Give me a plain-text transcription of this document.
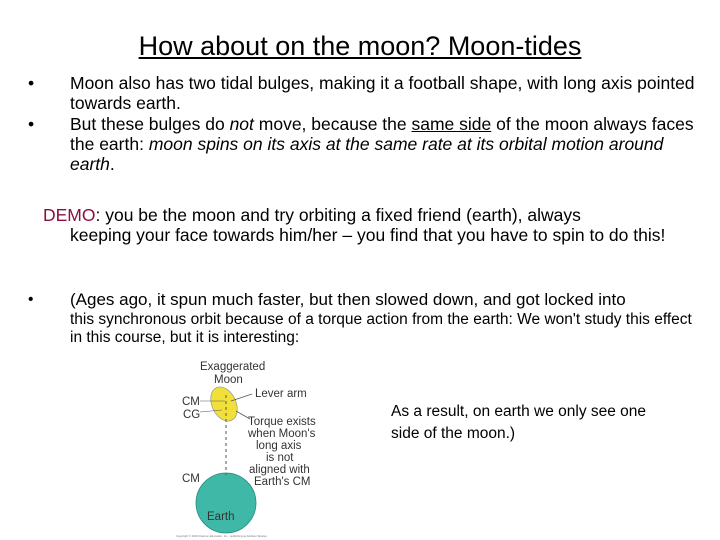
How about on the moon? Moon-tides
•	Moon also has two tidal bulges, making it a football shape, with long axis pointed towards earth.
•	But these bulges do not move, because the same side of the moon always faces the earth: moon spins on its axis at the same rate at its orbital motion around earth.
DEMO: you be the moon and try orbiting a fixed friend (earth), always
keeping your face towards him/her – you find that you have to spin to do this!
•	(Ages ago, it spun much faster, but then slowed down, and got locked into
this synchronous orbit because of a torque action from the earth: We won't study this effect in this course, but it is interesting:
Exaggerated
Moon
CM
CG
Lever arm
Torque exists
when Moon's
long axis
is not
aligned with
Earth's CM
CM
Earth
Copyright © 2004 Pearson Education, Inc., publishing as Addison Wesley.
As a result, on earth we only see one side of the moon.)
